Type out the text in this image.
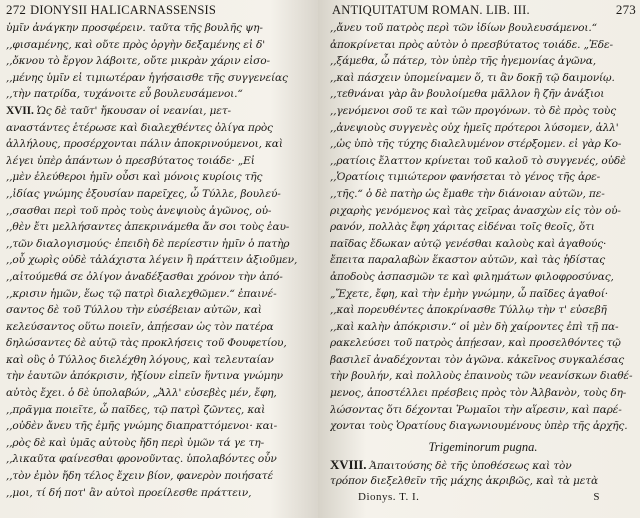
272 DIONYSII HALICARNASSENSIS
ὑμῖν ἀνάγκην προσφέρειν. ταῦτα τῆς βουλῆς ψη-
,,φισαμένης, καὶ οὔτε πρὸς ὀργὴν δεξαμένης εἰ δ'
,,ὄκνου τὸ ἔργον λάβοιτε, οὔτε μικρὰν χάριν εἰσο-
,,μένης ὑμῖν εἰ τιμιωτέραν ἡγήσαισθε τῆς συγγενείας
,,τὴν πατρίδα, τυχάνοιτε εὖ βουλευσάμενοι.“
XVII. Ὡς δὲ ταῦτ' ἤκουσαν οἱ νεανίαι, μετ-
αναστάντες ἑτέρωσε καὶ διαλεχθέντες ὀλίγα πρὸς
ἀλλήλους, προσέρχονται πάλιν ἀποκρινούμενοι, καὶ
λέγει ὑπὲρ ἁπάντων ὁ πρεσβύτατος τοιάδε· „Εἰ
,,μὲν ἐλεύθεροι ἡμῖν οὖσι καὶ μόνοις κυρίοις τῆς
,,ἰδίας γνώμης ἐξουσίαν παρεῖχες, ὦ Τύλλε, βουλεύ-
,,σασθαι περὶ τοῦ πρὸς τοὺς ἀνεψιοὺς ἀγῶνος, οὐ-
,,θὲν ἔτι μελλήσαντες ἀπεκρινάμεθα ἄν σοι τοὺς ἑαυ-
,,τῶν διαλογισμούς· ἐπειδὴ δὲ περίεστιν ἡμῖν ὁ πατὴρ
,,οὗ χωρὶς οὐδὲ τἀλάχιστα λέγειν ἢ πράττειν ἀξιοῦμεν,
,,αἰτούμεθά σε ὀλίγον ἀναδέξασθαι χρόνον τὴν ἀπό-
,,κρισιν ἡμῶν, ἕως τῷ πατρὶ διαλεχθῶμεν.“ ἐπαινέ-
σαντος δὲ τοῦ Τύλλου τὴν εὐσέβειαν αὐτῶν, καὶ
κελεύσαντος οὕτω ποιεῖν, ἀπῄεσαν ὡς τὸν πατέρα
δηλώσαντες δὲ αὐτῷ τὰς προκλήσεις τοῦ Φουφετίου,
καὶ οὓς ὁ Τύλλος διελέχθη λόγους, καὶ τελευταίαν
τὴν ἑαυτῶν ἀπόκρισιν, ἠξίουν εἰπεῖν ἥντινα γνώμην
αὐτὸς ἔχει. ὁ δὲ ὑπολαβών, „Ἀλλ' εὐσεβὲς μέν, ἔφη,
,,πρᾶγμα ποιεῖτε, ὦ παῖδες, τῷ πατρὶ ζῶντες, καὶ
,,οὐδὲν ἄνευ τῆς ἐμῆς γνώμης διαπραττόμενοι· και-
,,ρὸς δὲ καὶ ὑμᾶς αὐτοὺς ἤδη περὶ ὑμῶν τά γε τη-
,,λικαῦτα φαίνεσθαι φρονοῦντας. ὑπολαβόντες οὖν
,,τὸν ἐμὸν ἤδη τέλος ἔχειν βίον, φανερὸν ποιήσατέ
,,μοι, τί δή ποτ' ἂν αὐτοὶ προείλεσθε πράττειν,
ANTIQUITATUM ROMAN. LIB. III.	273
,,ἄνευ τοῦ πατρὸς περὶ τῶν ἰδίων βουλευσάμενοι.“
ἀποκρίνεται πρὸς αὐτὸν ὁ πρεσβύτατος τοιάδε. „Ἐδε-
,,ξάμεθα, ὦ πάτερ, τὸν ὑπὲρ τῆς ἡγεμονίας ἀγῶνα,
,,καὶ πάσχειν ὑπομείναμεν ὅ, τι ἂν δοκῇ τῷ δαιμονίῳ.
,,τεθνάναι γὰρ ἂν βουλοίμεθα μᾶλλον ἢ ζῆν ἀνάξιοι
,,γενόμενοι σοῦ τε καὶ τῶν προγόνων. τὸ δὲ πρὸς τοὺς
,,ἀνεψιοὺς συγγενὲς οὐχ ἡμεῖς πρότεροι λύσομεν, ἀλλ'
,,ὡς ὑπὸ τῆς τύχης διαλελυμένον στέρξομεν. εἰ γὰρ Κο-
,,ρατίοις ἔλαττον κρίνεται τοῦ καλοῦ τὸ συγγενές, οὐδὲ
,,Ὁρατίοις τιμιώτερον φανήσεται τὸ γένος τῆς ἀρε-
,,τῆς.“ ὁ δὲ πατὴρ ὡς ἔμαθε τὴν διάνοιαν αὐτῶν, πε-
ριχαρὴς γενόμενος καὶ τὰς χεῖρας ἀνασχὼν εἰς τὸν οὐ-
ρανόν, πολλὰς ἔφη χάριτας εἰδέναι τοῖς θεοῖς, ὅτι
παῖδας ἔδωκαν αὐτῷ γενέσθαι καλοὺς καὶ ἀγαθούς·
ἔπειτα παραλαβὼν ἕκαστον αὐτῶν, καὶ τὰς ἡδίστας
ἀποδοὺς ἀσπασμῶν τε καὶ φιλημάτων φιλοφροσύνας,
„Ἔχετε, ἔφη, καὶ τὴν ἐμὴν γνώμην, ὦ παῖδες ἀγαθοί·
,,καὶ πορευθέντες ἀποκρίνασθε Τύλλῳ τὴν τ' εὐσεβῆ
,,καὶ καλὴν ἀπόκρισιν.“ οἱ μὲν δὴ χαίροντες ἐπὶ τῇ πα-
ρακελεύσει τοῦ πατρὸς ἀπῄεσαν, καὶ προσελθόντες τῷ
βασιλεῖ ἀναδέχονται τὸν ἀγῶνα. κἀκεῖνος συγκαλέσας
τὴν βουλήν, καὶ πολλοὺς ἐπαινοὺς τῶν νεανίσκων διαθέ-
μενος, ἀποστέλλει πρέσβεις πρὸς τὸν Ἀλβανὸν, τοὺς δη-
λώσοντας ὅτι δέχονται Ῥωμαῖοι τὴν αἵρεσιν, καὶ παρέ-
χονται τοὺς Ὁρατίους διαγωνιουμένους ὑπὲρ τῆς ἀρχῆς.
Trigeminorum pugna.
XVIII. Ἀπαιτούσης δὲ τῆς ὑποθέσεως καὶ τὸν
τρόπον διεξελθεῖν τῆς μάχης ἀκριβῶς, καὶ τὰ μετὰ
Dionys. T. I.	S
